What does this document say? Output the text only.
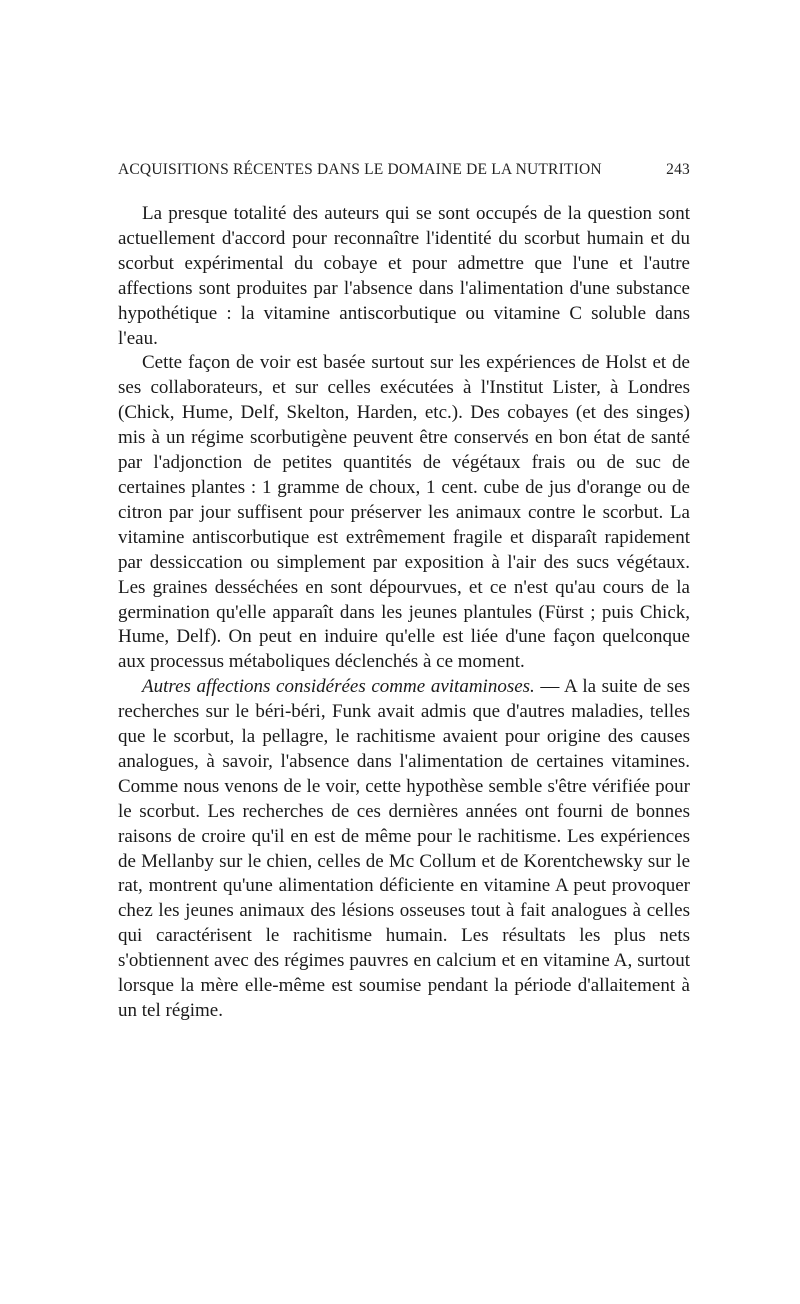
ACQUISITIONS RÉCENTES DANS LE DOMAINE DE LA NUTRITION	243

La presque totalité des auteurs qui se sont occupés de la question sont actuellement d'accord pour reconnaître l'identité du scorbut humain et du scorbut expérimental du cobaye et pour admettre que l'une et l'autre affections sont produites par l'absence dans l'alimentation d'une substance hypothétique : la vitamine antiscorbutique ou vitamine C soluble dans l'eau.

Cette façon de voir est basée surtout sur les expériences de Holst et de ses collaborateurs, et sur celles exécutées à l'Institut Lister, à Londres (Chick, Hume, Delf, Skelton, Harden, etc.). Des cobayes (et des singes) mis à un régime scorbutigène peuvent être conservés en bon état de santé par l'adjonction de petites quantités de végétaux frais ou de suc de certaines plantes : 1 gramme de choux, 1 cent. cube de jus d'orange ou de citron par jour suffisent pour préserver les animaux contre le scorbut. La vitamine antiscorbutique est extrêmement fragile et disparaît rapidement par dessiccation ou simplement par exposition à l'air des sucs végétaux. Les graines desséchées en sont dépourvues, et ce n'est qu'au cours de la germination qu'elle apparaît dans les jeunes plantules (Fürst ; puis Chick, Hume, Delf). On peut en induire qu'elle est liée d'une façon quelconque aux processus métaboliques déclenchés à ce moment.

Autres affections considérées comme avitaminoses. — A la suite de ses recherches sur le béri-béri, Funk avait admis que d'autres maladies, telles que le scorbut, la pellagre, le rachitisme avaient pour origine des causes analogues, à savoir, l'absence dans l'alimentation de certaines vitamines. Comme nous venons de le voir, cette hypothèse semble s'être vérifiée pour le scorbut. Les recherches de ces dernières années ont fourni de bonnes raisons de croire qu'il en est de même pour le rachitisme. Les expériences de Mellanby sur le chien, celles de Mc Collum et de Korentchewsky sur le rat, montrent qu'une alimentation déficiente en vitamine A peut provoquer chez les jeunes animaux des lésions osseuses tout à fait analogues à celles qui caractérisent le rachitisme humain. Les résultats les plus nets s'obtiennent avec des régimes pauvres en calcium et en vitamine A, surtout lorsque la mère elle-même est soumise pendant la période d'allaitement à un tel régime.
